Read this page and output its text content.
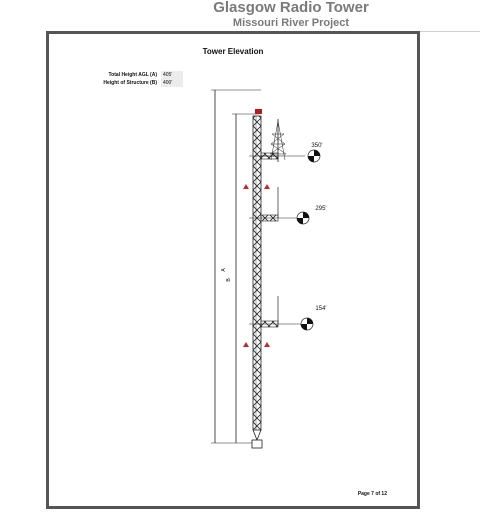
Glasgow Radio Tower
Missouri River Project
Tower Elevation
Total Height AGL (A) 405'
Height of Structure (B) 400'
A
B
350'
295'
154'
Page 7 of 12
